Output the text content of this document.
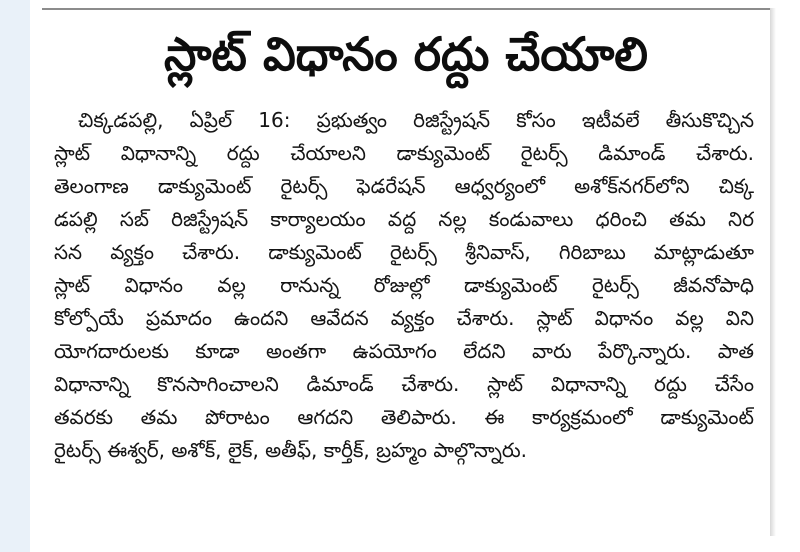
స్లాట్ విధానం రద్దు చేయాలి
చిక్కడపల్లి, ఏప్రిల్ 16: ప్రభుత్వం రిజిస్ట్రేషన్ కోసం ఇటీవలే తీసుకొచ్చిన
స్లాట్ విధానాన్ని రద్దు చేయాలని డాక్యుమెంట్ రైటర్స్ డిమాండ్ చేశారు.
తెలంగాణ డాక్యుమెంట్ రైటర్స్ ఫెడరేషన్ ఆధ్వర్యంలో అశోక్‌నగర్‌లోని చిక్క
డపల్లి సబ్ రిజిస్ట్రేషన్ కార్యాలయం వద్ద నల్ల కండువాలు ధరించి తమ నిర
సన వ్యక్తం చేశారు. డాక్యుమెంట్ రైటర్స్ శ్రీనివాస్, గిరిబాబు మాట్లాడుతూ
స్లాట్ విధానం వల్ల రానున్న రోజుల్లో డాక్యుమెంట్ రైటర్స్ జీవనోపాధి
కోల్పోయే ప్రమాదం ఉందని ఆవేదన వ్యక్తం చేశారు. స్లాట్ విధానం వల్ల విని
యోగదారులకు కూడా అంతగా ఉపయోగం లేదని వారు పేర్కొన్నారు. పాత
విధానాన్ని కొనసాగించాలని డిమాండ్ చేశారు. స్లాట్ విధానాన్ని రద్దు చేసేం
తవరకు తమ పోరాటం ఆగదని తెలిపారు. ఈ కార్యక్రమంలో డాక్యుమెంట్
రైటర్స్ ఈశ్వర్, అశోక్, లైక్, అతీఫ్, కార్తీక్, బ్రహ్మం పాల్గొన్నారు.
